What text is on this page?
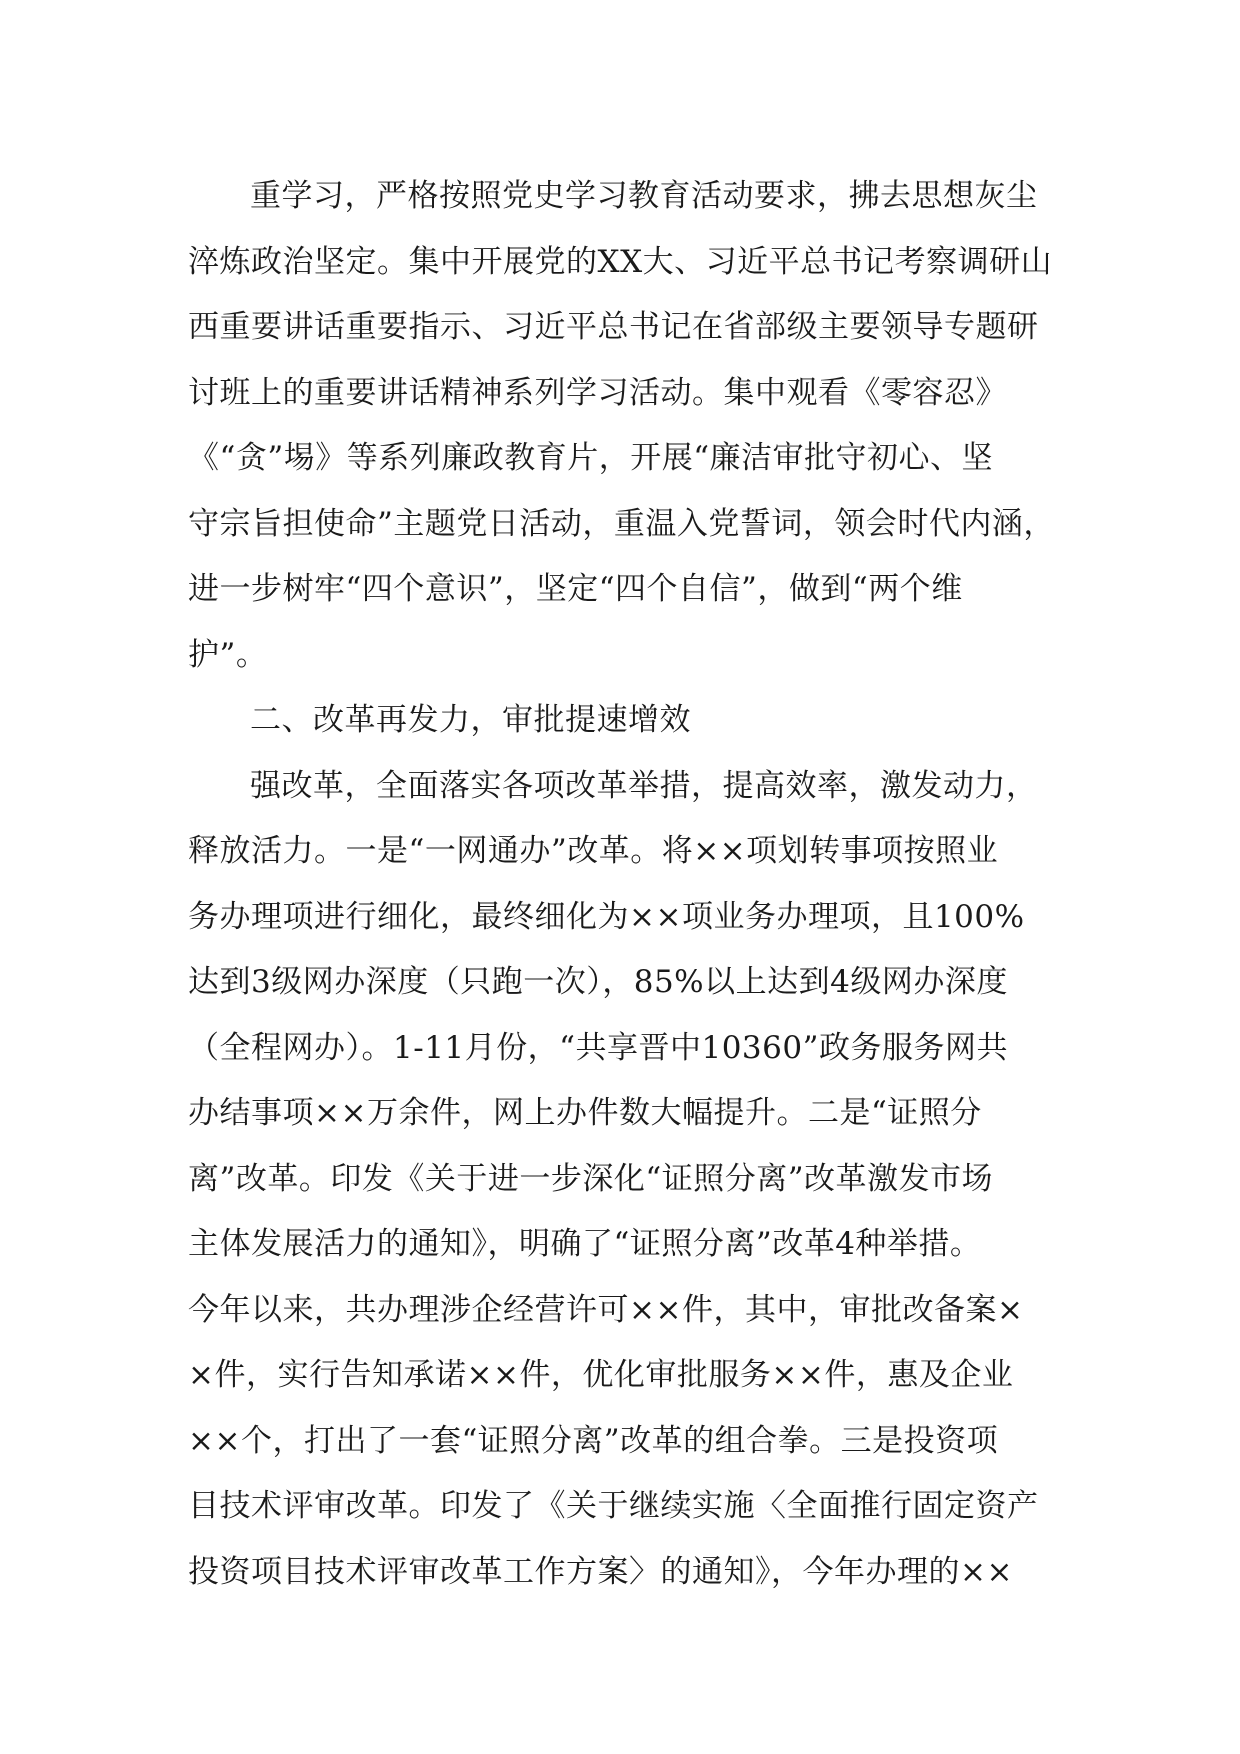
重学习，严格按照党史学习教育活动要求，拂去思想灰尘
淬炼政治坚定。集中开展党的XX大、习近平总书记考察调研山
西重要讲话重要指示、习近平总书记在省部级主要领导专题研
讨班上的重要讲话精神系列学习活动。集中观看《零容忍》
《“贪”埸》等系列廉政教育片，开展“廉洁审批守初心、坚
守宗旨担使命”主题党日活动，重温入党誓词，领会时代内涵，
进一步树牢“四个意识”，坚定“四个自信”，做到“两个维
护”。
二、改革再发力，审批提速增效
强改革，全面落实各项改革举措，提高效率，激发动力，
释放活力。一是“一网通办”改革。将××项划转事项按照业
务办理项进行细化，最终细化为××项业务办理项，且100%
达到3级网办深度（只跑一次），85%以上达到4级网办深度
（全程网办）。1-11月份，“共享晋中10360”政务服务网共
办结事项××万余件，网上办件数大幅提升。二是“证照分
离”改革。印发《关于进一步深化“证照分离”改革激发市场
主体发展活力的通知》，明确了“证照分离”改革4种举措。
今年以来，共办理涉企经营许可××件，其中，审批改备案×
×件，实行告知承诺××件，优化审批服务××件，惠及企业
××个，打出了一套“证照分离”改革的组合拳。三是投资项
目技术评审改革。印发了《关于继续实施〈全面推行固定资产
投资项目技术评审改革工作方案〉的通知》，今年办理的××
